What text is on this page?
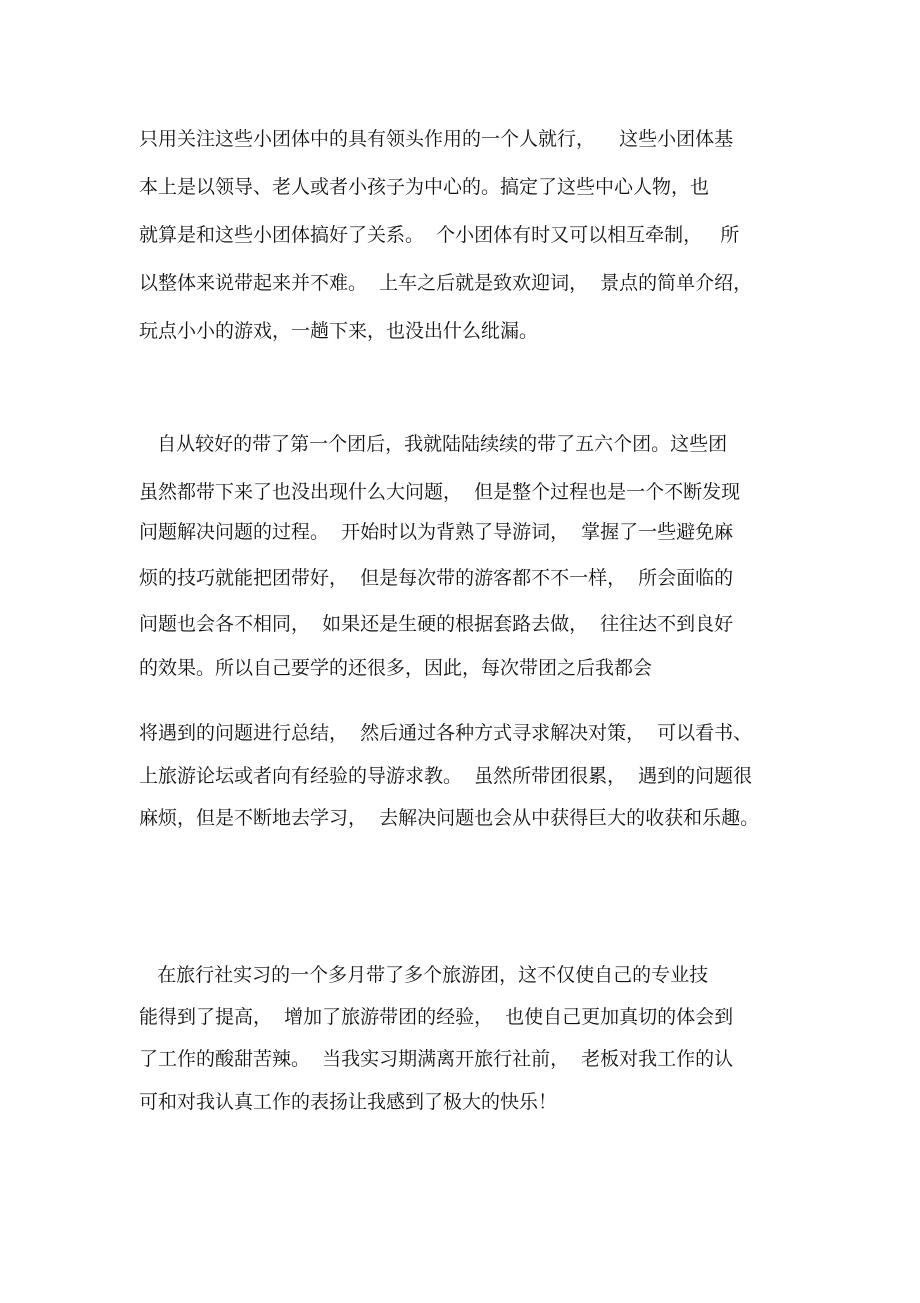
只用关注这些小团体中的具有领头作用的一个人就行，    这些小团体基

本上是以领导、老人或者小孩子为中心的。搞定了这些中心人物，也

就算是和这些小团体搞好了关系。  个小团体有时又可以相互牵制，   所

以整体来说带起来并不难。  上车之后就是致欢迎词，  景点的简单介绍，

玩点小小的游戏，一趟下来，也没出什么纰漏。

自从较好的带了第一个团后，我就陆陆续续的带了五六个团。这些团

虽然都带下来了也没出现什么大问题，  但是整个过程也是一个不断发现

问题解决问题的过程。  开始时以为背熟了导游词，  掌握了一些避免麻

烦的技巧就能把团带好，  但是每次带的游客都不不一样，  所会面临的

问题也会各不相同，  如果还是生硬的根据套路去做，  往往达不到良好

的效果。所以自己要学的还很多，因此，每次带团之后我都会

将遇到的问题进行总结，  然后通过各种方式寻求解决对策，  可以看书、

上旅游论坛或者向有经验的导游求教。  虽然所带团很累，  遇到的问题很

麻烦，但是不断地去学习，  去解决问题也会从中获得巨大的收获和乐趣。

在旅行社实习的一个多月带了多个旅游团，这不仅使自己的专业技

能得到了提高，  增加了旅游带团的经验，  也使自己更加真切的体会到

了工作的酸甜苦辣。  当我实习期满离开旅行社前，  老板对我工作的认

可和对我认真工作的表扬让我感到了极大的快乐！
